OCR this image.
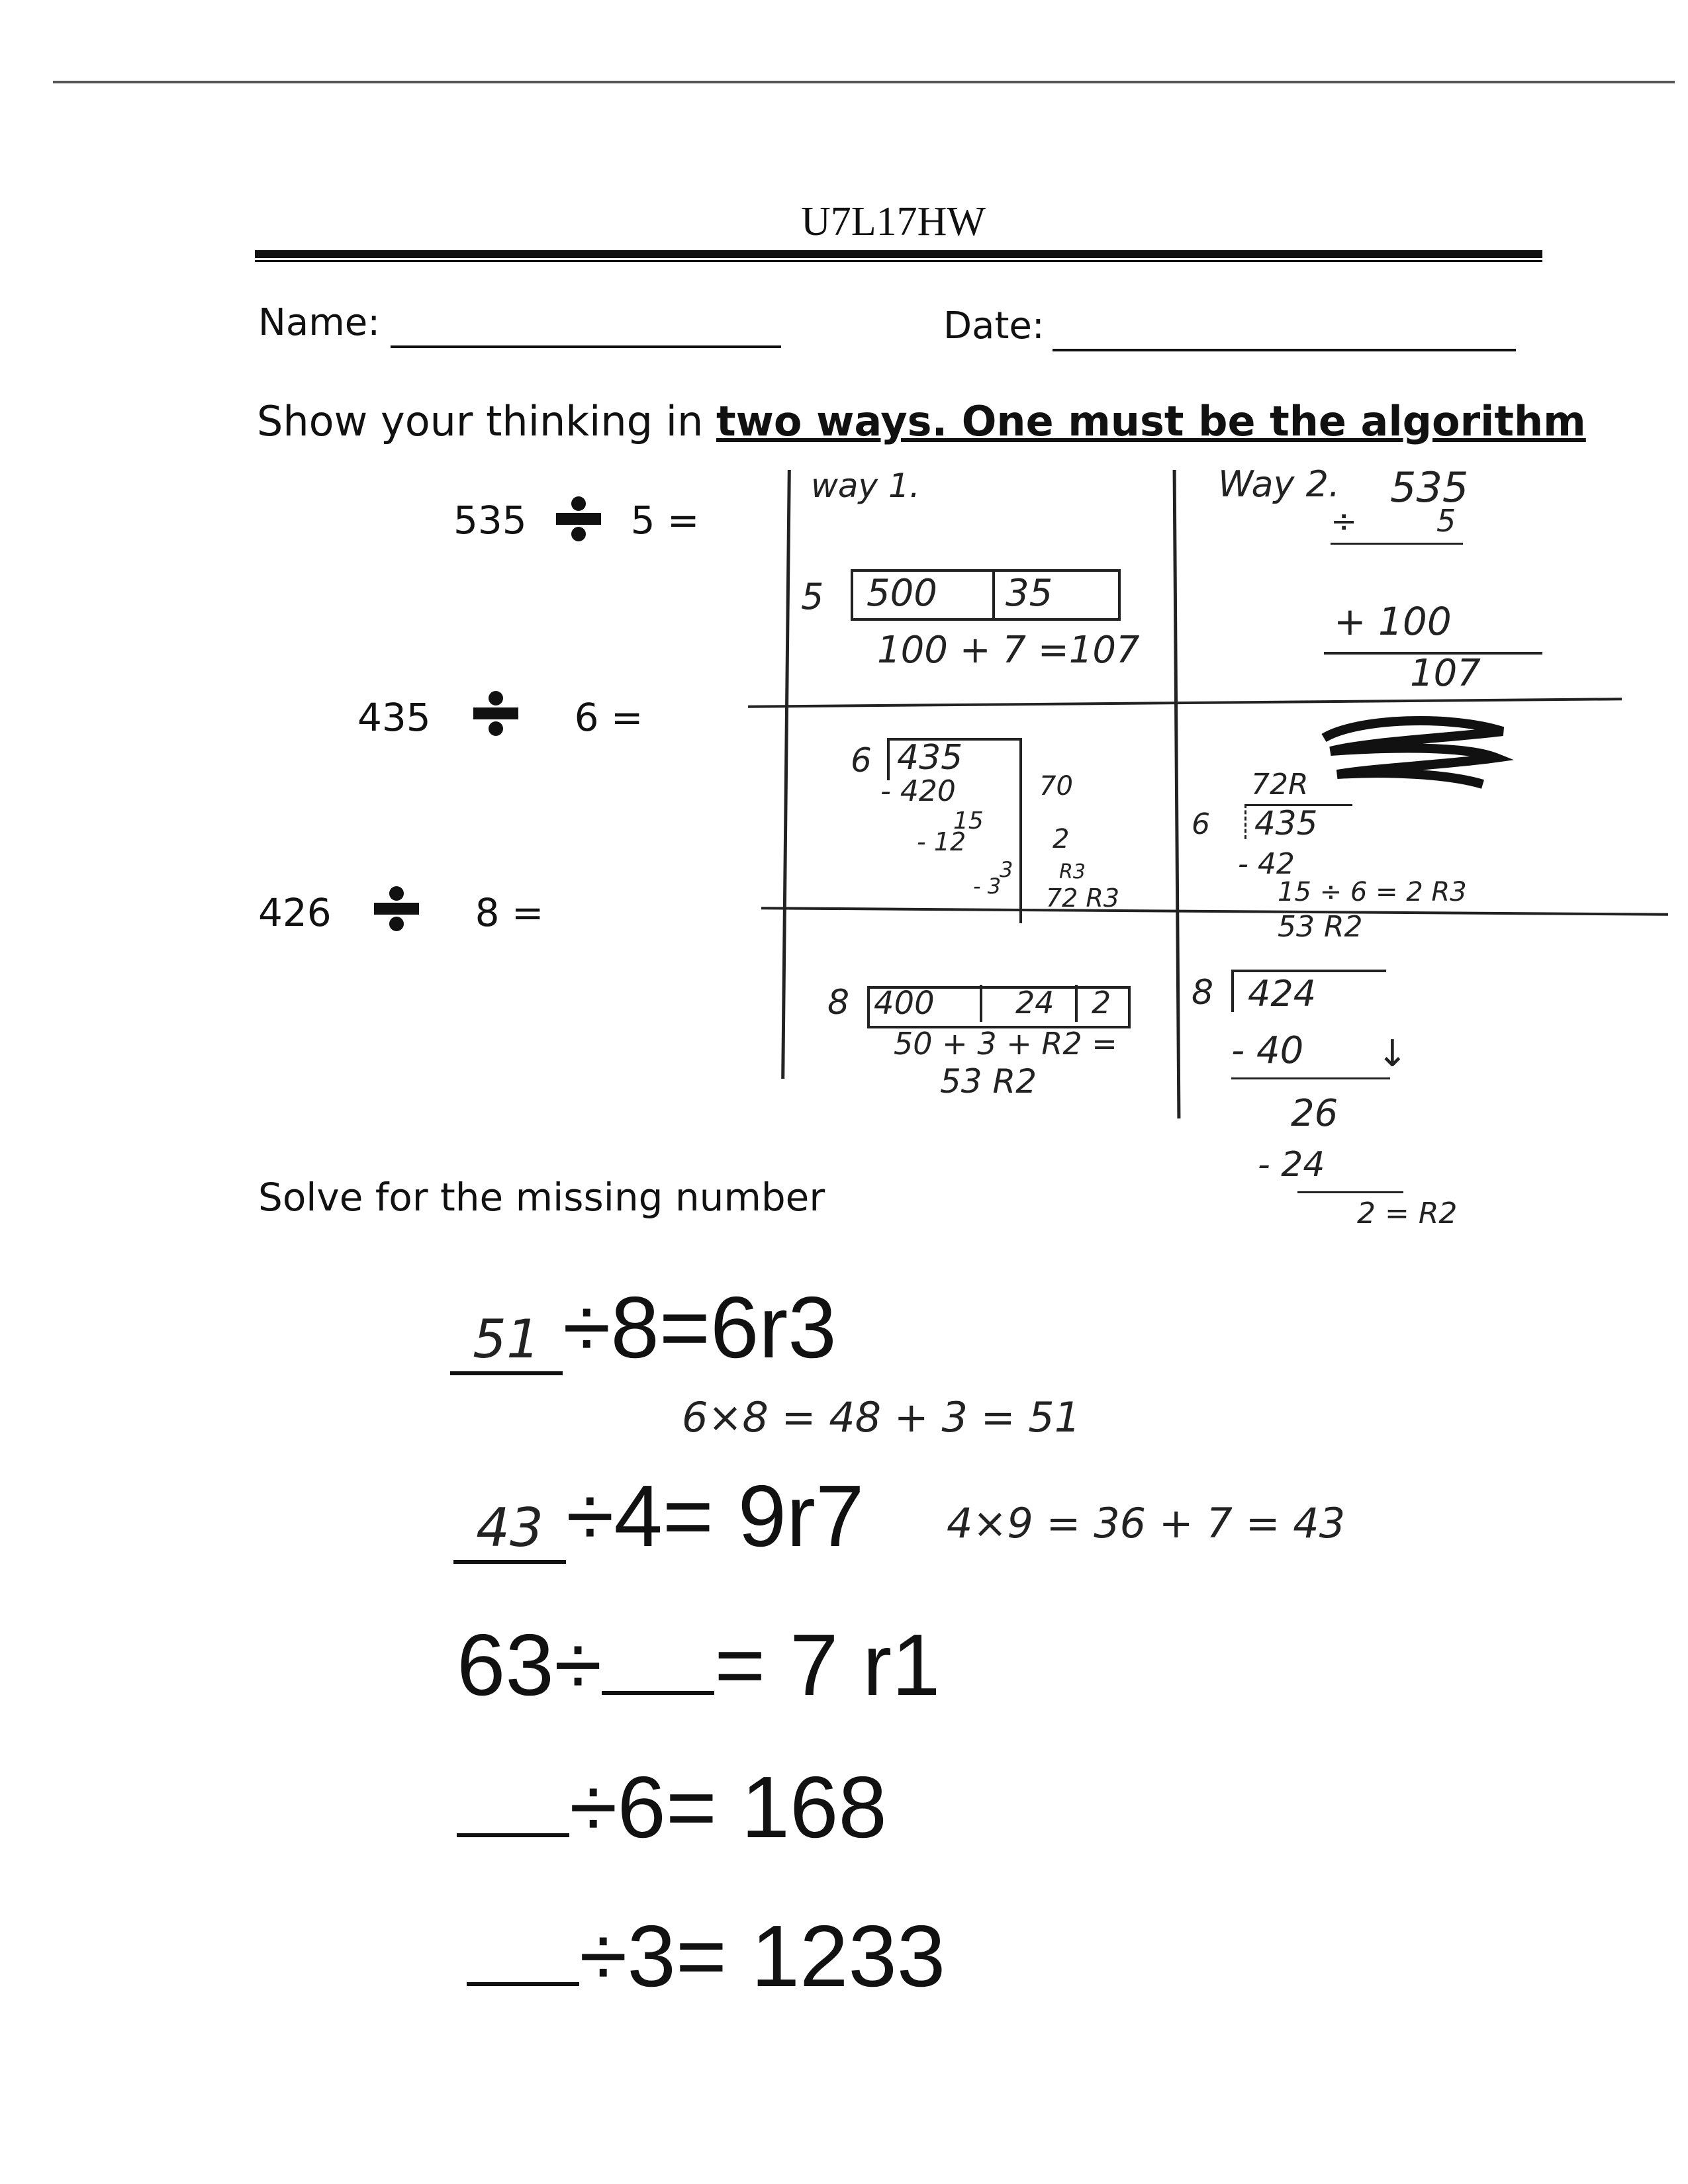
U7L17HW
Name:	Date:
Show your thinking in two ways. One must be the algorithm
535	5 =
435	6 =
426	8 =
way 1.	Way 2.
5 500	35
100 + 7 =107
535
÷	5
+ 100
107
6 435
- 420	70
15
- 12	2
3
- 3
R3
72 R3
72R
6 435
- 42
15 ÷ 6 = 2 R3
8 400	24	2
50 + 3 + R2 =
53 R2
53 R2
8 424
- 40 ↓
26
- 24
2 = R2
Solve for the missing number
51 ÷8=6r3
6×8 = 48 + 3 = 51
43 ÷4= 9r7 4×9 = 36 + 7 = 43
63÷ = 7 r1
÷6= 168
÷3= 1233
